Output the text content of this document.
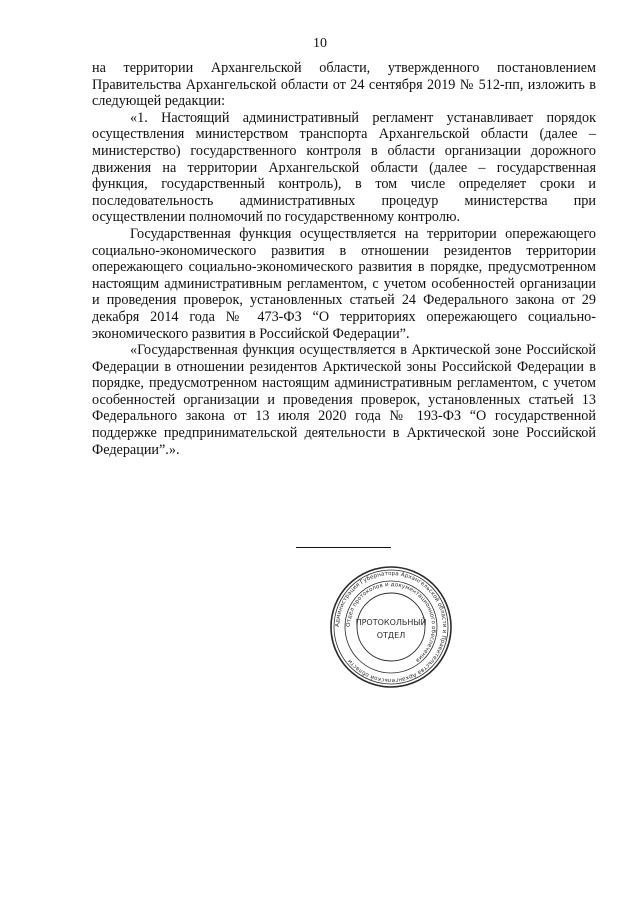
10

на территории Архангельской области, утвержденного постановлением Правительства Архангельской области от 24 сентября 2019 № 512-пп, изложить в следующей редакции:

«1. Настоящий административный регламент устанавливает порядок осуществления министерством транспорта Архангельской области (далее – министерство) государственного контроля в области организации дорожного движения на территории Архангельской области (далее – государственная функция, государственный контроль), в том числе определяет сроки и последовательность административных процедур министерства при осуществлении полномочий по государственному контролю.

Государственная функция осуществляется на территории опережающего социально-экономического развития в отношении резидентов территории опережающего социально-экономического развития в порядке, предусмотренном настоящим административным регламентом, с учетом особенностей организации и проведения проверок, установленных статьей 24 Федерального закона от 29 декабря 2014 года № 473-ФЗ “О территориях опережающего социально-экономического развития в Российской Федерации”.

«Государственная функция осуществляется в Арктической зоне Российской Федерации в отношении резидентов Арктической зоны Российской Федерации в порядке, предусмотренном настоящим административным регламентом, с учетом особенностей организации и проведения проверок, установленных статьей 13 Федерального закона от 13 июля 2020 года № 193-ФЗ “О государственной поддержке предпринимательской деятельности в Арктической зоне Российской Федерации”.».

Администрация Губернатора Архангельской области и Правительства Архангельской области
Отдел протоколов и документационного обеспечения
ПРОТОКОЛЬНЫЙ
ОТДЕЛ
